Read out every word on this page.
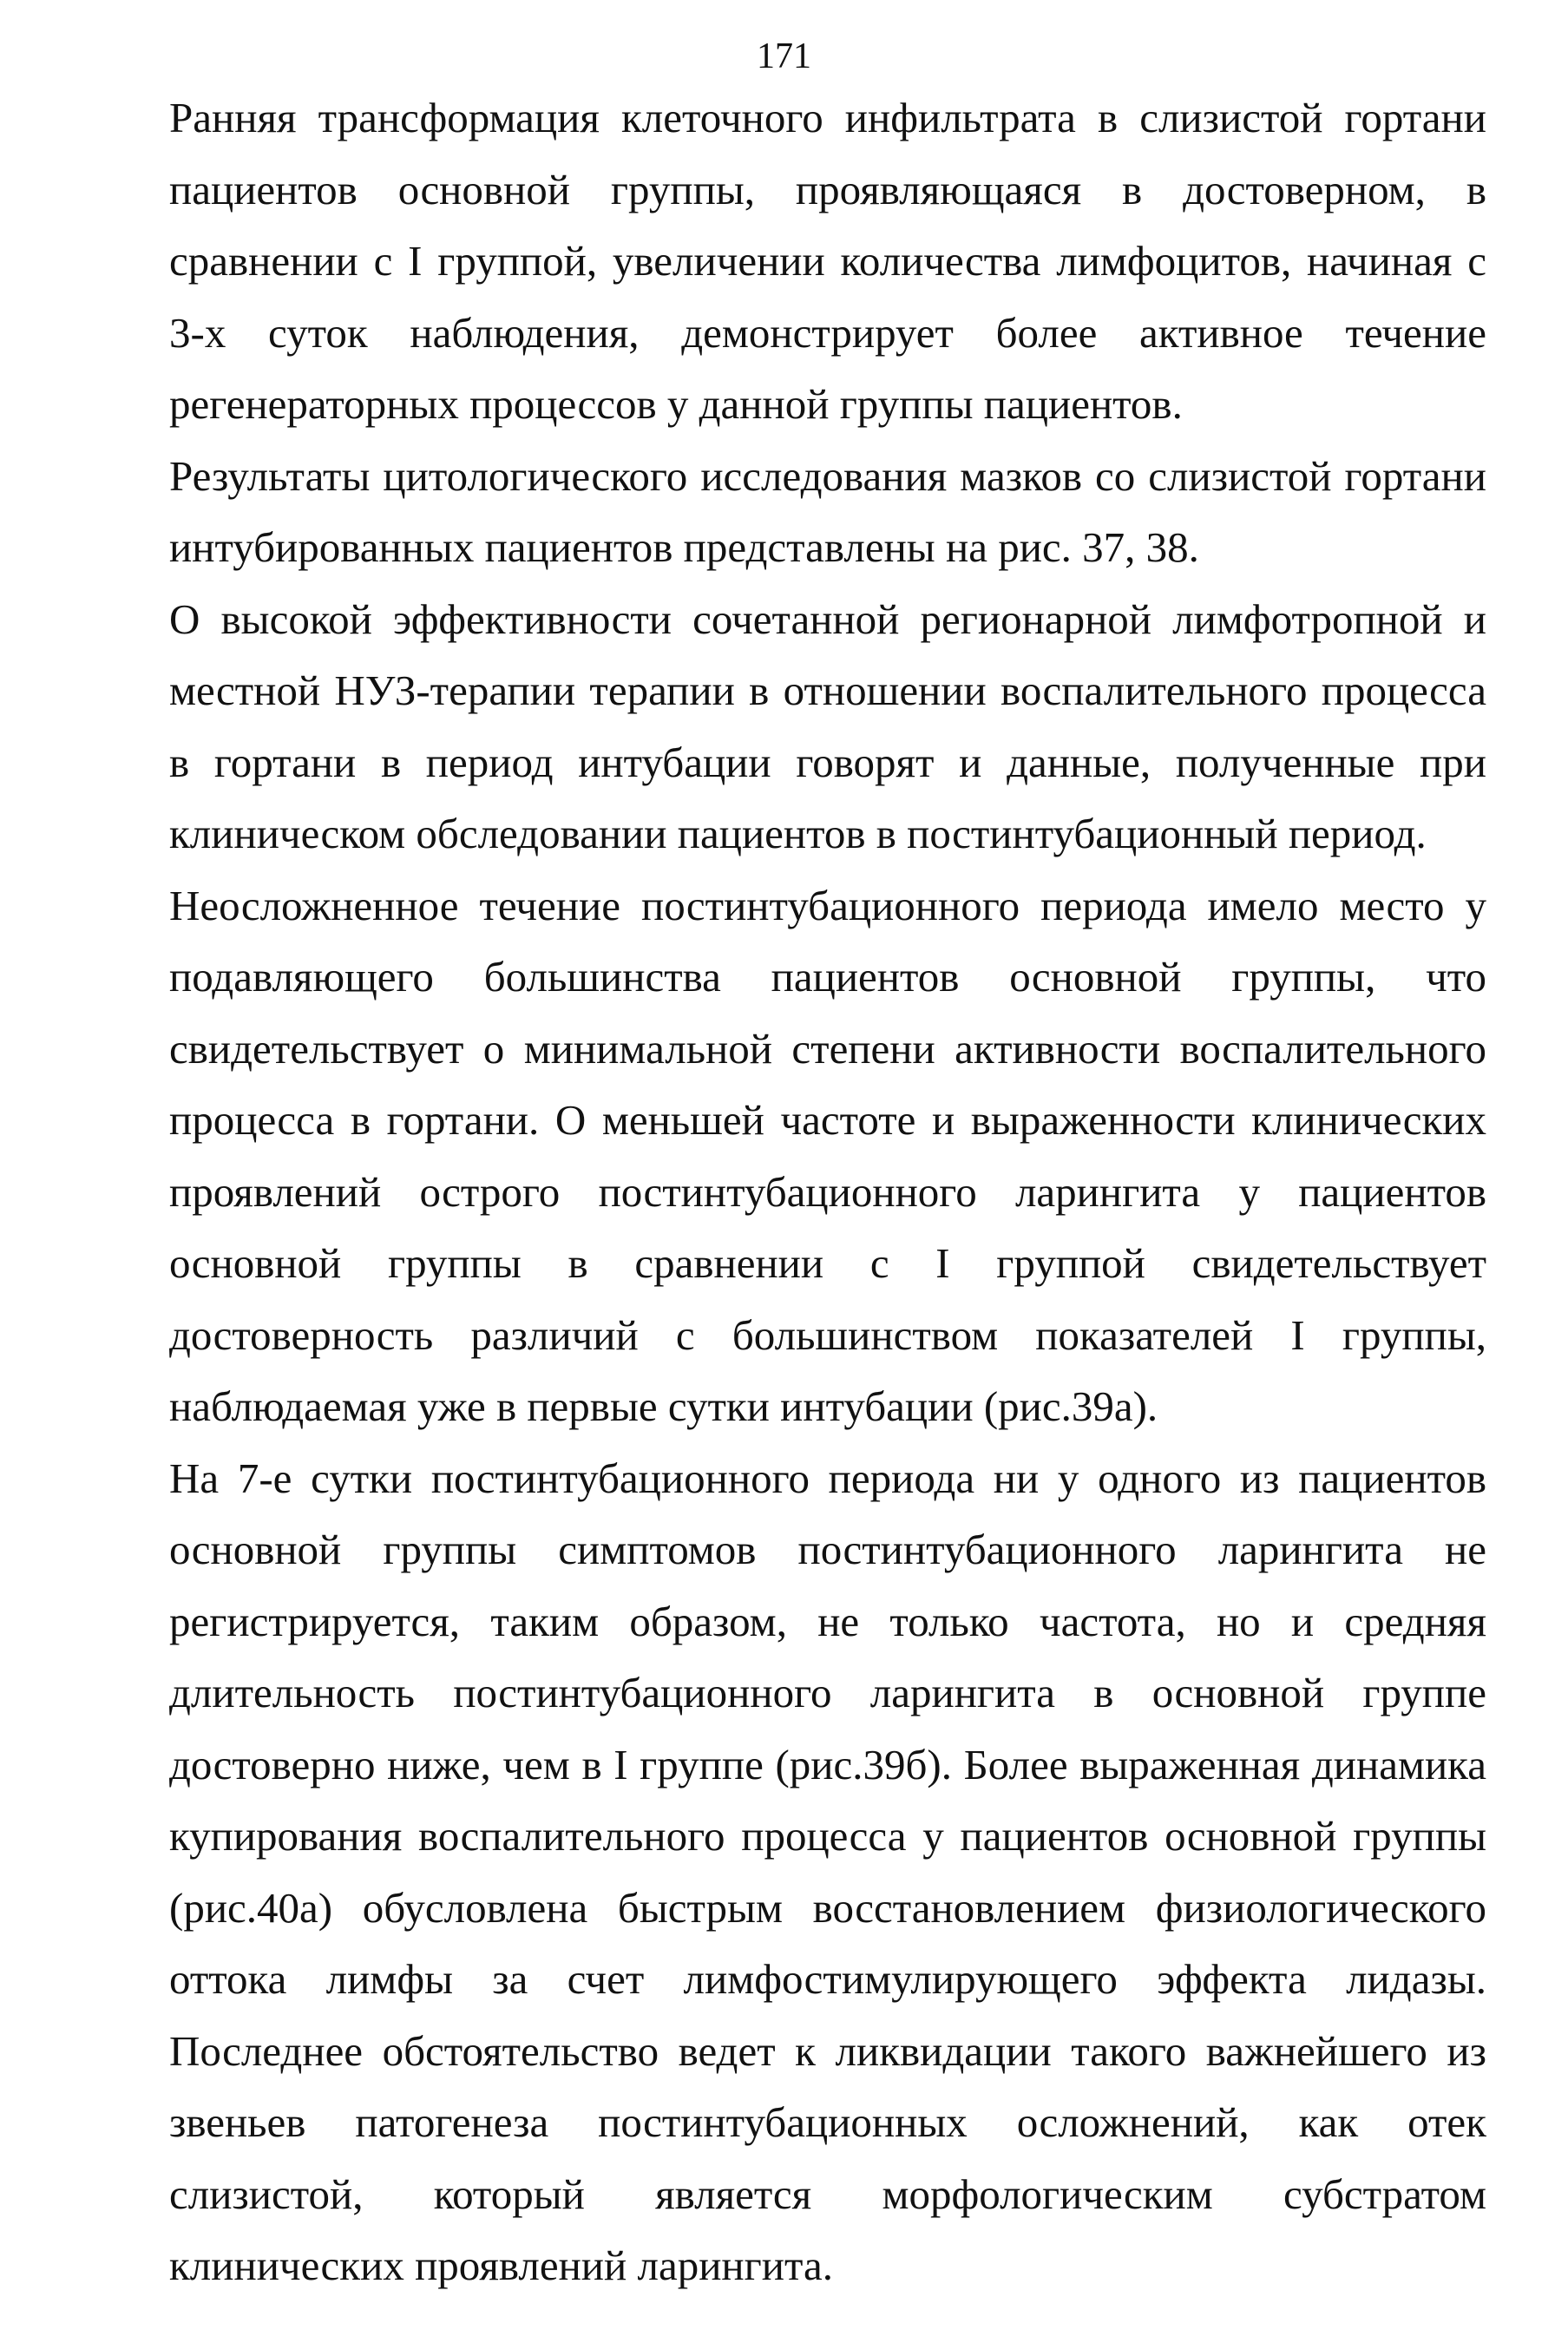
171

Ранняя трансформация клеточного инфильтрата в слизистой гортани пациентов основной группы, проявляющаяся в достоверном, в сравнении с I группой, увеличении количества лимфоцитов, начиная с 3-х суток наблюдения, демонстрирует более активное течение регенераторных процессов у данной группы пациентов.

Результаты цитологического исследования мазков со слизистой гортани интубированных пациентов представлены на рис. 37, 38.

О высокой эффективности сочетанной регионарной лимфотропной и местной НУЗ-терапии терапии в отношении воспалительного процесса в гортани в период интубации говорят и данные, полученные при клиническом обследовании пациентов в постинтубационный период.

Неосложненное течение постинтубационного периода имело место у подавляющего большинства пациентов основной группы, что свидетельствует о минимальной степени активности воспалительного процесса в гортани. О меньшей частоте и выраженности клинических проявлений острого постинтубационного ларингита у пациентов основной группы в сравнении с I группой свидетельствует достоверность различий с большинством показателей I группы, наблюдаемая уже в первые сутки интубации (рис.39а).

На 7-е сутки постинтубационного периода ни у одного из пациентов основной группы симптомов постинтубационного ларингита не регистрируется, таким образом, не только частота, но и средняя длительность постинтубационного ларингита в основной группе достоверно ниже, чем в I группе (рис.39б). Более выраженная динамика купирования воспалительного процесса у пациентов основной группы (рис.40а) обусловлена быстрым восстановлением физиологического оттока лимфы за счет лимфостимулирующего эффекта лидазы. Последнее обстоятельство ведет к ликвидации такого важнейшего из звеньев патогенеза постинтубационных осложнений, как отек слизистой, который является морфологическим субстратом клинических проявлений ларингита.
